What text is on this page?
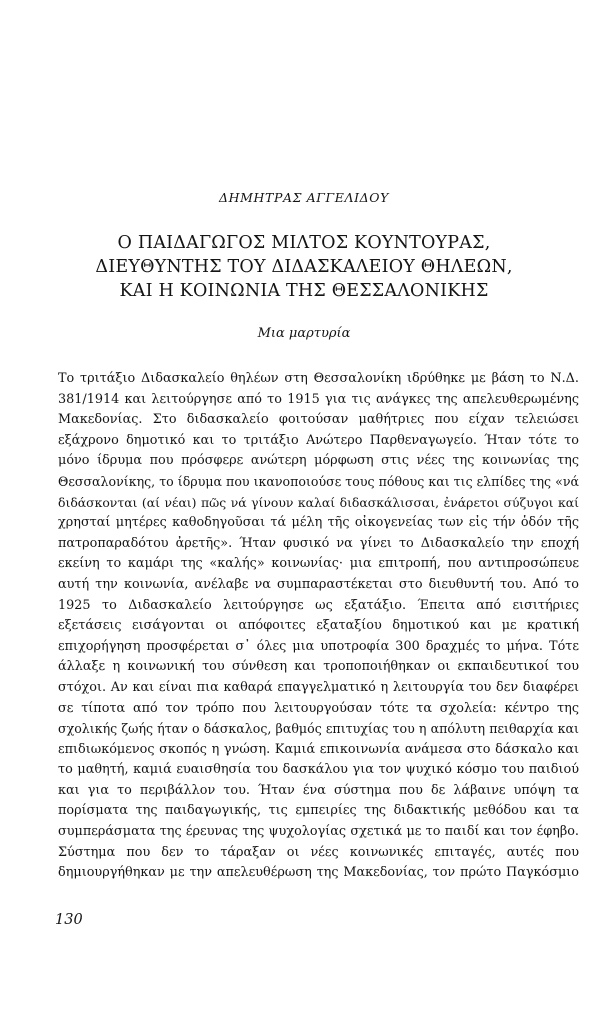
ΔΗΜΗΤΡΑΣ ΑΓΓΕΛΙΔΟΥ
Ο ΠΑΙΔΑΓΩΓΟΣ ΜΙΛΤΟΣ ΚΟΥΝΤΟΥΡΑΣ,
ΔΙΕΥΘΥΝΤΗΣ ΤΟΥ ΔΙΔΑΣΚΑΛΕΙΟΥ ΘΗΛΕΩΝ,
ΚΑΙ Η ΚΟΙΝΩΝΙΑ ΤΗΣ ΘΕΣΣΑΛΟΝΙΚΗΣ
Μια μαρτυρία
Το τριτάξιο Διδασκαλείο θηλέων στη Θεσσαλονίκη ιδρύθηκε με βάση το Ν.Δ.
381/1914 και λειτούργησε από το 1915 για τις ανάγκες της απελευθερωμένης
Μακεδονίας. Στο διδασκαλείο φοιτούσαν μαθήτριες που είχαν τελειώσει
εξάχρονο δημοτικό και το τριτάξιο Ανώτερο Παρθεναγωγείο. Ήταν τότε το
μόνο ίδρυμα που πρόσφερε ανώτερη μόρφωση στις νέες της κοινωνίας της
Θεσσαλονίκης, το ίδρυμα που ικανοποιούσε τους πόθους και τις ελπίδες της «νά
διδάσκονται (αί νέαι) πῶς νά γίνουν καλαί διδασκάλισσαι, ἐνάρετοι σύζυγοι καί
χρησταί μητέρες καθοδηγοῦσαι τά μέλη τῆς οἰκογενείας των εἰς τήν ὁδόν τῆς
πατροπαραδότου ἀρετῆς». Ήταν φυσικό να γίνει το Διδασκαλείο την εποχή
εκείνη το καμάρι της «καλής» κοινωνίας· μια επιτροπή, που αντιπροσώπευε
αυτή την κοινωνία, ανέλαβε να συμπαραστέκεται στο διευθυντή του. Από το
1925 το Διδασκαλείο λειτούργησε ως εξατάξιο. Έπειτα από εισιτήριες
εξετάσεις εισάγονται οι απόφοιτες εξαταξίου δημοτικού και με κρατική
επιχορήγηση προσφέρεται σ᾽ όλες μια υποτροφία 300 δραχμές το μήνα. Τότε
άλλαξε η κοινωνική του σύνθεση και τροποποιήθηκαν οι εκπαιδευτικοί του
στόχοι. Αν και είναι πια καθαρά επαγγελματικό η λειτουργία του δεν διαφέρει
σε τίποτα από τον τρόπο που λειτουργούσαν τότε τα σχολεία: κέντρο της
σχολικής ζωής ήταν ο δάσκαλος, βαθμός επιτυχίας του η απόλυτη πειθαρχία και
επιδιωκόμενος σκοπός η γνώση. Καμιά επικοινωνία ανάμεσα στο δάσκαλο και
το μαθητή, καμιά ευαισθησία του δασκάλου για τον ψυχικό κόσμο του παιδιού
και για το περιβάλλον του. Ήταν ένα σύστημα που δε λάβαινε υπόψη τα
πορίσματα της παιδαγωγικής, τις εμπειρίες της διδακτικής μεθόδου και τα
συμπεράσματα της έρευνας της ψυχολογίας σχετικά με το παιδί και τον έφηβο.
Σύστημα που δεν το τάραξαν οι νέες κοινωνικές επιταγές, αυτές που
δημιουργήθηκαν με την απελευθέρωση της Μακεδονίας, τον πρώτο Παγκόσμιο
130
